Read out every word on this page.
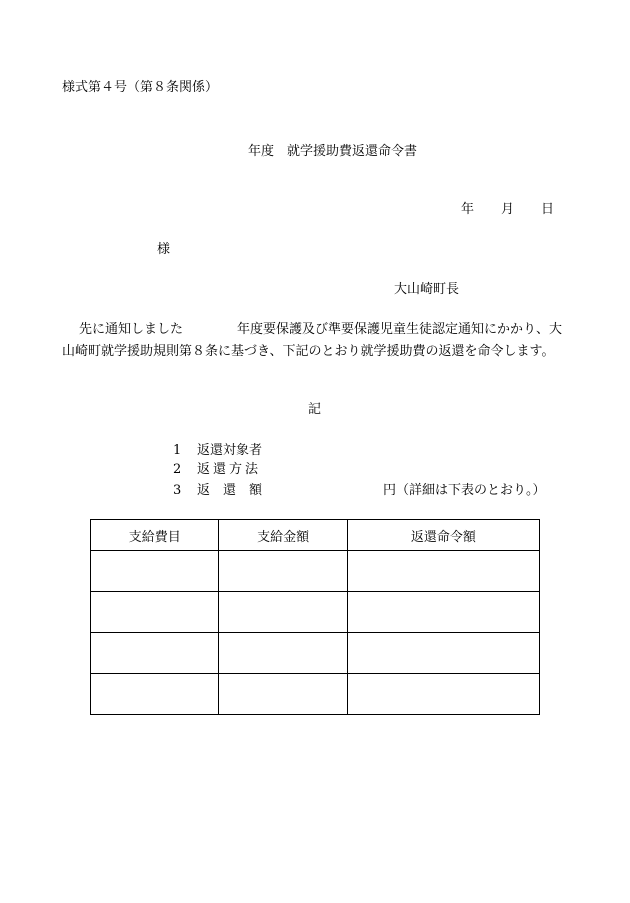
様式第４号（第８条関係）
年度　就学援助費返還命令書
年 月 日
様
大山崎町長
先に通知しました	年度要保護及び準要保護児童生徒認定通知にかかり、大
山崎町就学援助規則第８条に基づき、下記のとおり就学援助費の返還を命令します。
記
1 返還対象者
2 返還方法
3 返 還 額	円（詳細は下表のとおり。）
支給費目	支給金額	返還命令額
